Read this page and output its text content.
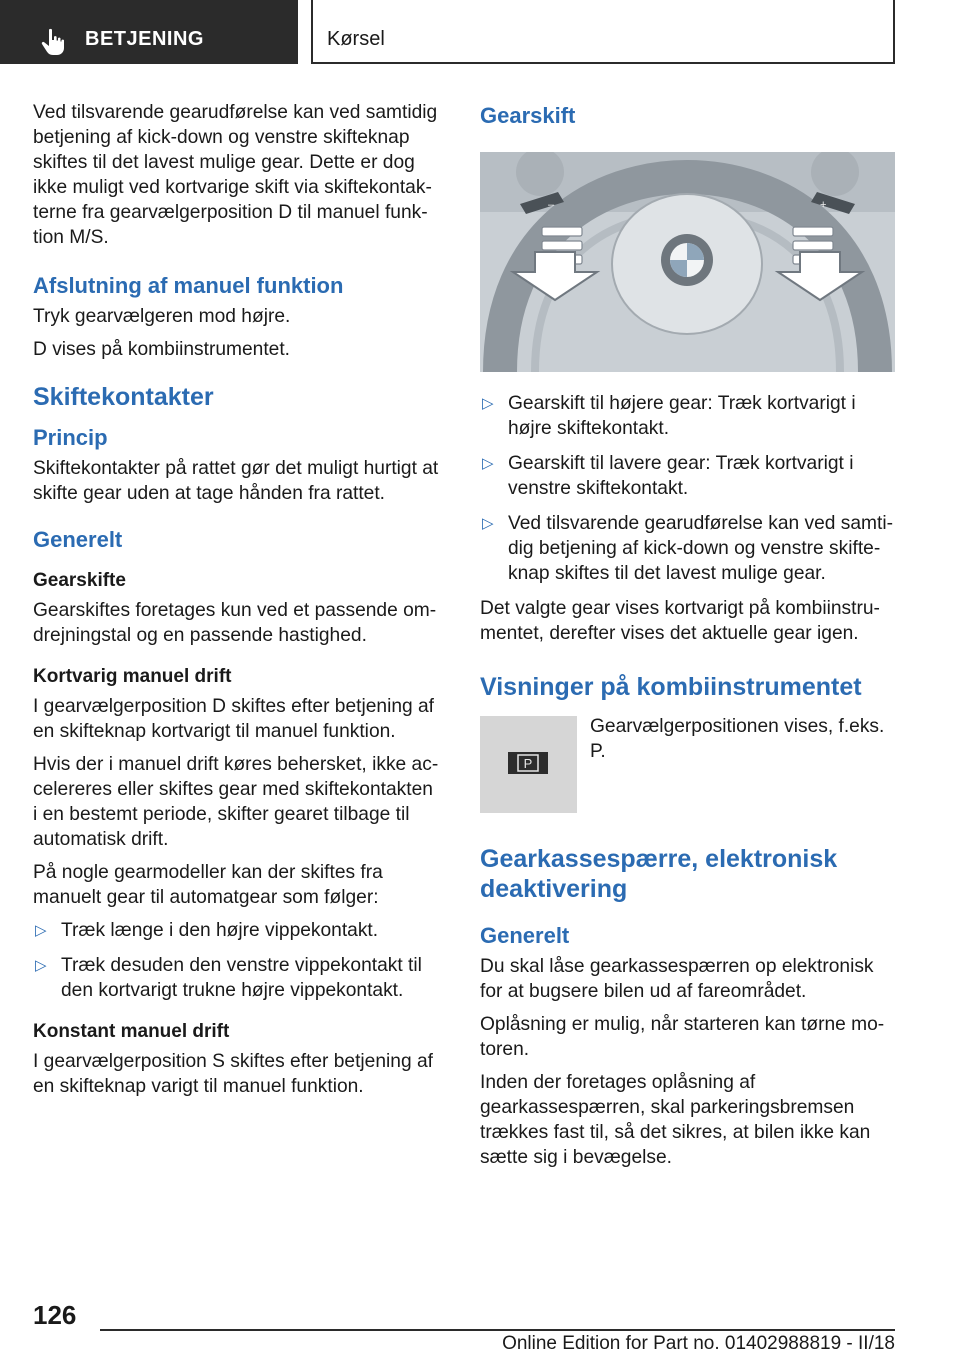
BETJENING	Kørsel

Ved tilsvarende gearudførelse kan ved samtidig betjening af kick-down og venstre skifteknap skiftes til det lavest mulige gear. Dette er dog ikke muligt ved kortvarige skift via skiftekontakterne fra gearvælgerposition D til manuel funktion M/S.

Afslutning af manuel funktion

Tryk gearvælgeren mod højre.

D vises på kombiinstrumentet.

Skiftekontakter
Princip

Skiftekontakter på rattet gør det muligt hurtigt at skifte gear uden at tage hånden fra rattet.

Generelt
Gearskifte

Gearskiftes foretages kun ved et passende omdrejningstal og en passende hastighed.

Kortvarig manuel drift

I gearvælgerposition D skiftes efter betjening af en skifteknap kortvarigt til manuel funktion.

Hvis der i manuel drift køres behersket, ikke accelereres eller skiftes gear med skiftekontakten i en bestemt periode, skifter gearet tilbage til automatisk drift.

På nogle gearmodeller kan der skiftes fra manuelt gear til automatgear som følger:

▷ Træk længe i den højre vippekontakt.
▷ Træk desuden den venstre vippekontakt til den kortvarigt trukne højre vippekontakt.
Konstant manuel drift

I gearvælgerposition S skiftes efter betjening af en skifteknap varigt til manuel funktion.

Gearskift
–	+
▷ Gearskift til højere gear: Træk kortvarigt i højre skiftekontakt.
▷ Gearskift til lavere gear: Træk kortvarigt i venstre skiftekontakt.
▷ Ved tilsvarende gearudførelse kan ved samtidig betjening af kick-down og venstre skifteknap skiftes til det lavest mulige gear.

Det valgte gear vises kortvarigt på kombiinstrumentet, derefter vises det aktuelle gear igen.

Visninger på kombiinstrumentet
P

Gearvælgerpositionen vises, f.eks. P.

Gearkassespærre, elektronisk deaktivering
Generelt

Du skal låse gearkassespærren op elektronisk for at bugsere bilen ud af fareområdet.

Oplåsning er mulig, når starteren kan tørne motoren.

Inden der foretages oplåsning af gearkassespærren, skal parkeringsbremsen trækkes fast til, så det sikres, at bilen ikke kan sætte sig i bevægelse.

126
Online Edition for Part no. 01402988819 - II/18
